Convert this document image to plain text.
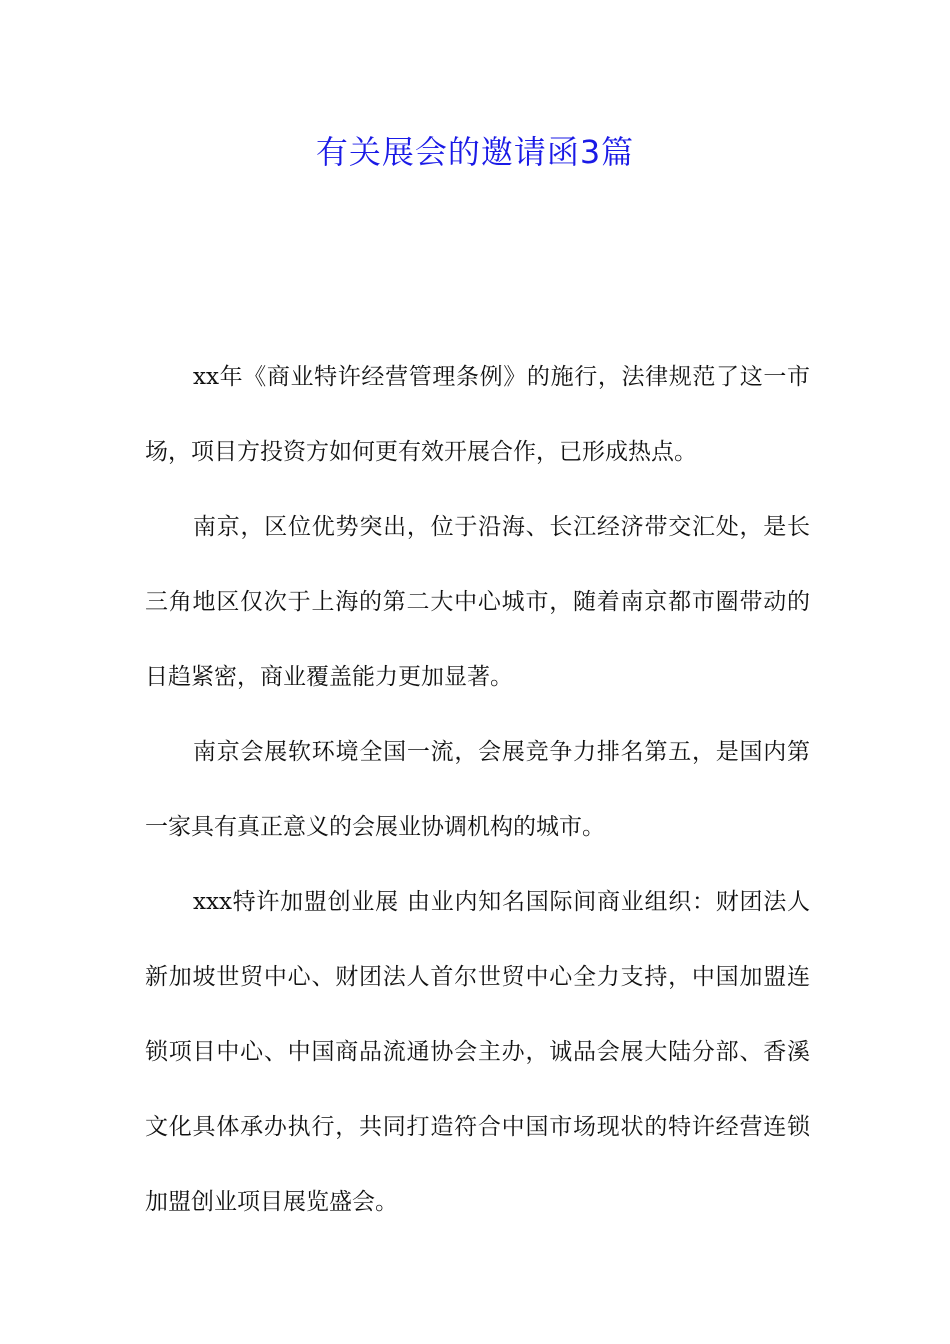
有关展会的邀请函3篇

xx年《商业特许经营管理条例》的施行，法律规范了这一市场，项目方投资方如何更有效开展合作，已形成热点。

南京，区位优势突出，位于沿海、长江经济带交汇处，是长三角地区仅次于上海的第二大中心城市，随着南京都市圈带动的日趋紧密，商业覆盖能力更加显著。

南京会展软环境全国一流，会展竞争力排名第五，是国内第一家具有真正意义的会展业协调机构的城市。

xxx特许加盟创业展 由业内知名国际间商业组织：财团法人新加坡世贸中心、财团法人首尔世贸中心全力支持，中国加盟连锁项目中心、中国商品流通协会主办，诚品会展大陆分部、香溪文化具体承办执行，共同打造符合中国市场现状的特许经营连锁加盟创业项目展览盛会。
